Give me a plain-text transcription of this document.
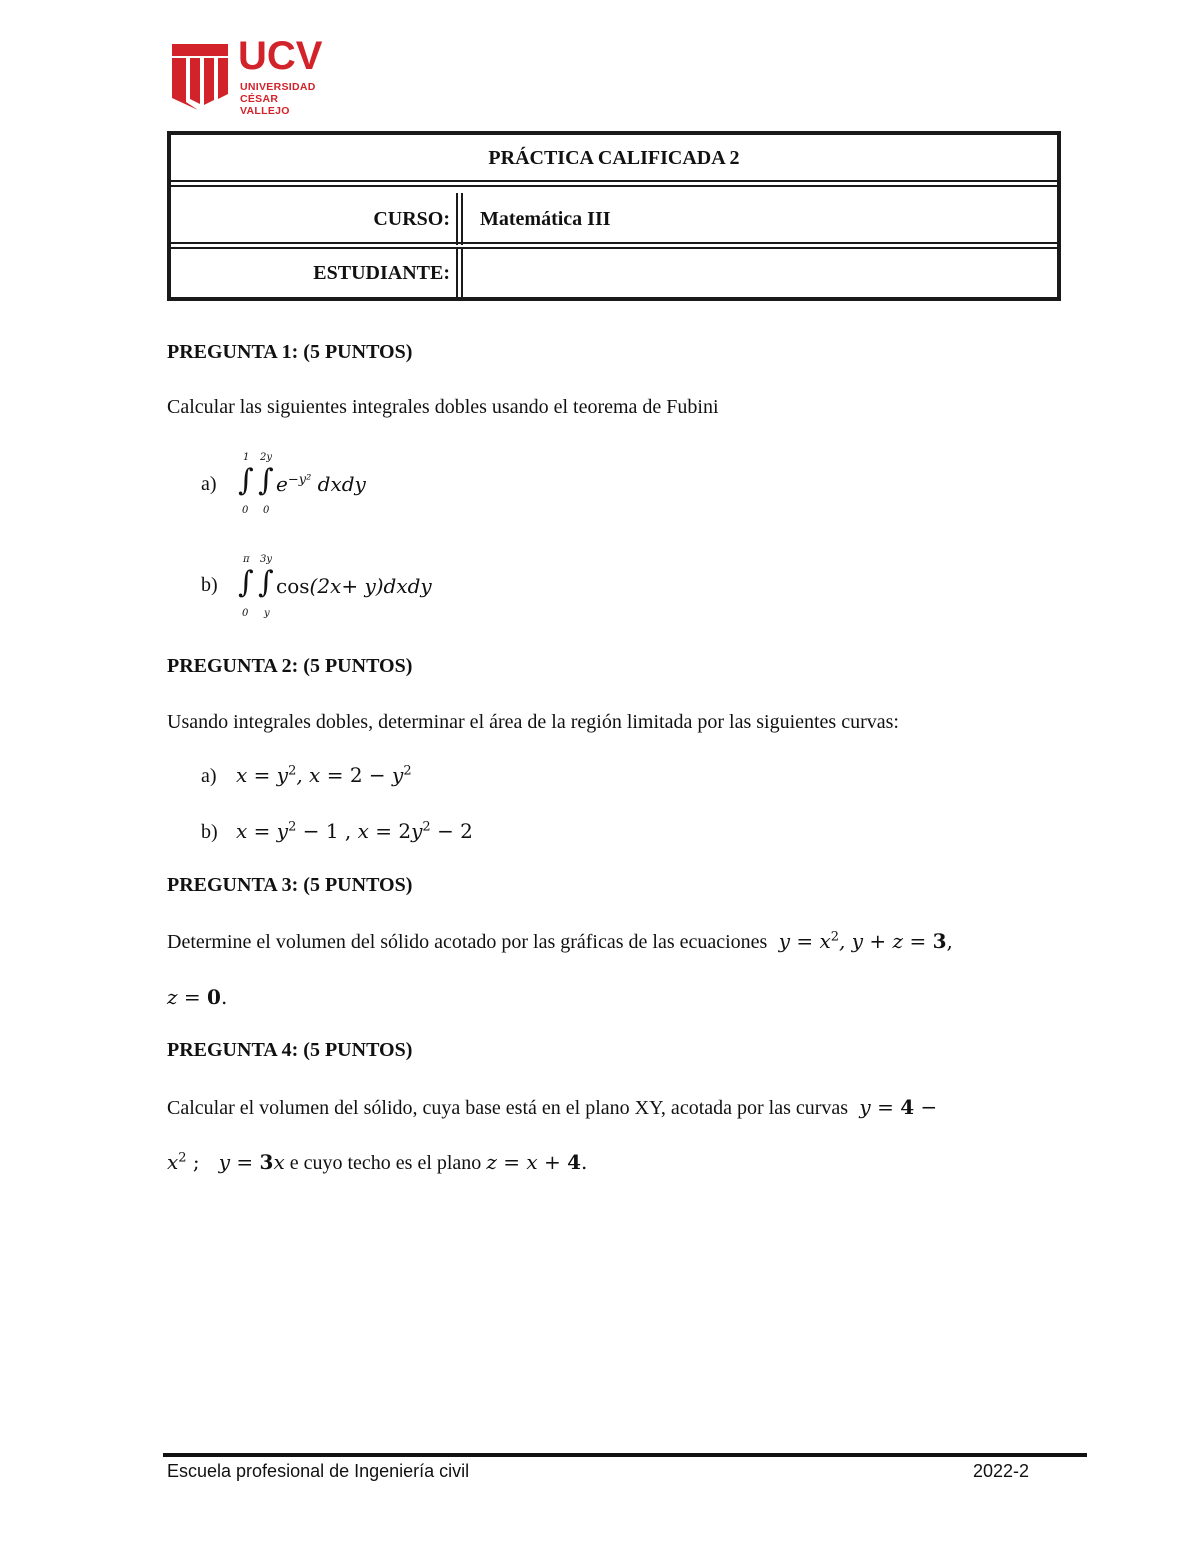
UCV
UNIVERSIDAD
CÉSAR VALLEJO
PRÁCTICA CALIFICADA 2
CURSO:	Matemática III
ESTUDIANTE:
PREGUNTA 1: (5 PUNTOS)
Calcular las siguientes integrales dobles usando el teorema de Fubini
a)
1 2y
∫ ∫
0 0
$e^{-y^2}$ dxdy
b)
π 3y
∫ ∫
0 y
cos(2x+ y)dxdy
PREGUNTA 2: (5 PUNTOS)
Usando integrales dobles, determinar el área de la región limitada por las siguientes curvas:
a) $x = y^2$, $x = 2 - y^2$
b) $x = y^2 - 1$ , $x = 2y^2 - 2$
PREGUNTA 3: (5 PUNTOS)
Determine el volumen del sólido acotado por las gráficas de las ecuaciones  $y = x^2$, y + z = 3,
z = 0.
PREGUNTA 4: (5 PUNTOS)
Calcular el volumen del sólido, cuya base está en el plano XY, acotada por las curvas  y = 4 −
$x^2$ ;   y = 3x e cuyo techo es el plano z = x + 4.
Escuela profesional de Ingeniería civil	2022-2
